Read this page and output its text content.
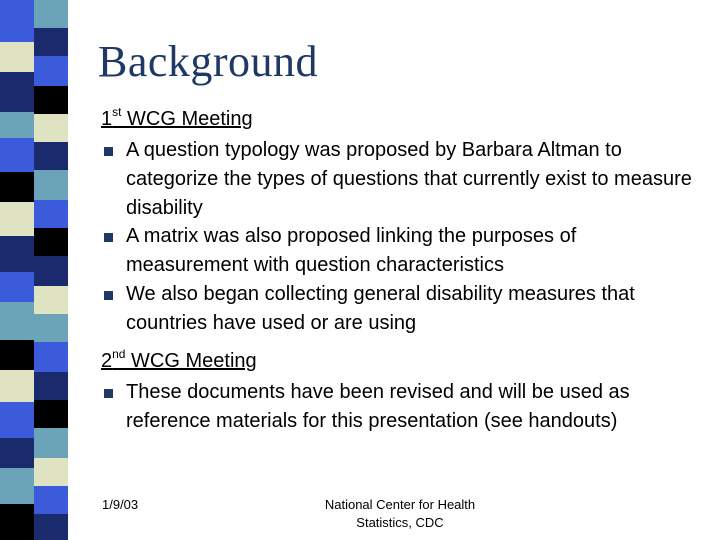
Background
1st WCG Meeting
A question typology was proposed by Barbara Altman to categorize the types of questions that currently exist to measure disability
A matrix was also proposed linking the purposes of measurement with question characteristics
We also began collecting general disability measures that countries have used or are using
2nd WCG Meeting
These documents have been revised and will be used as reference materials for this presentation (see handouts)
1/9/03	National Center for Health
Statistics, CDC
